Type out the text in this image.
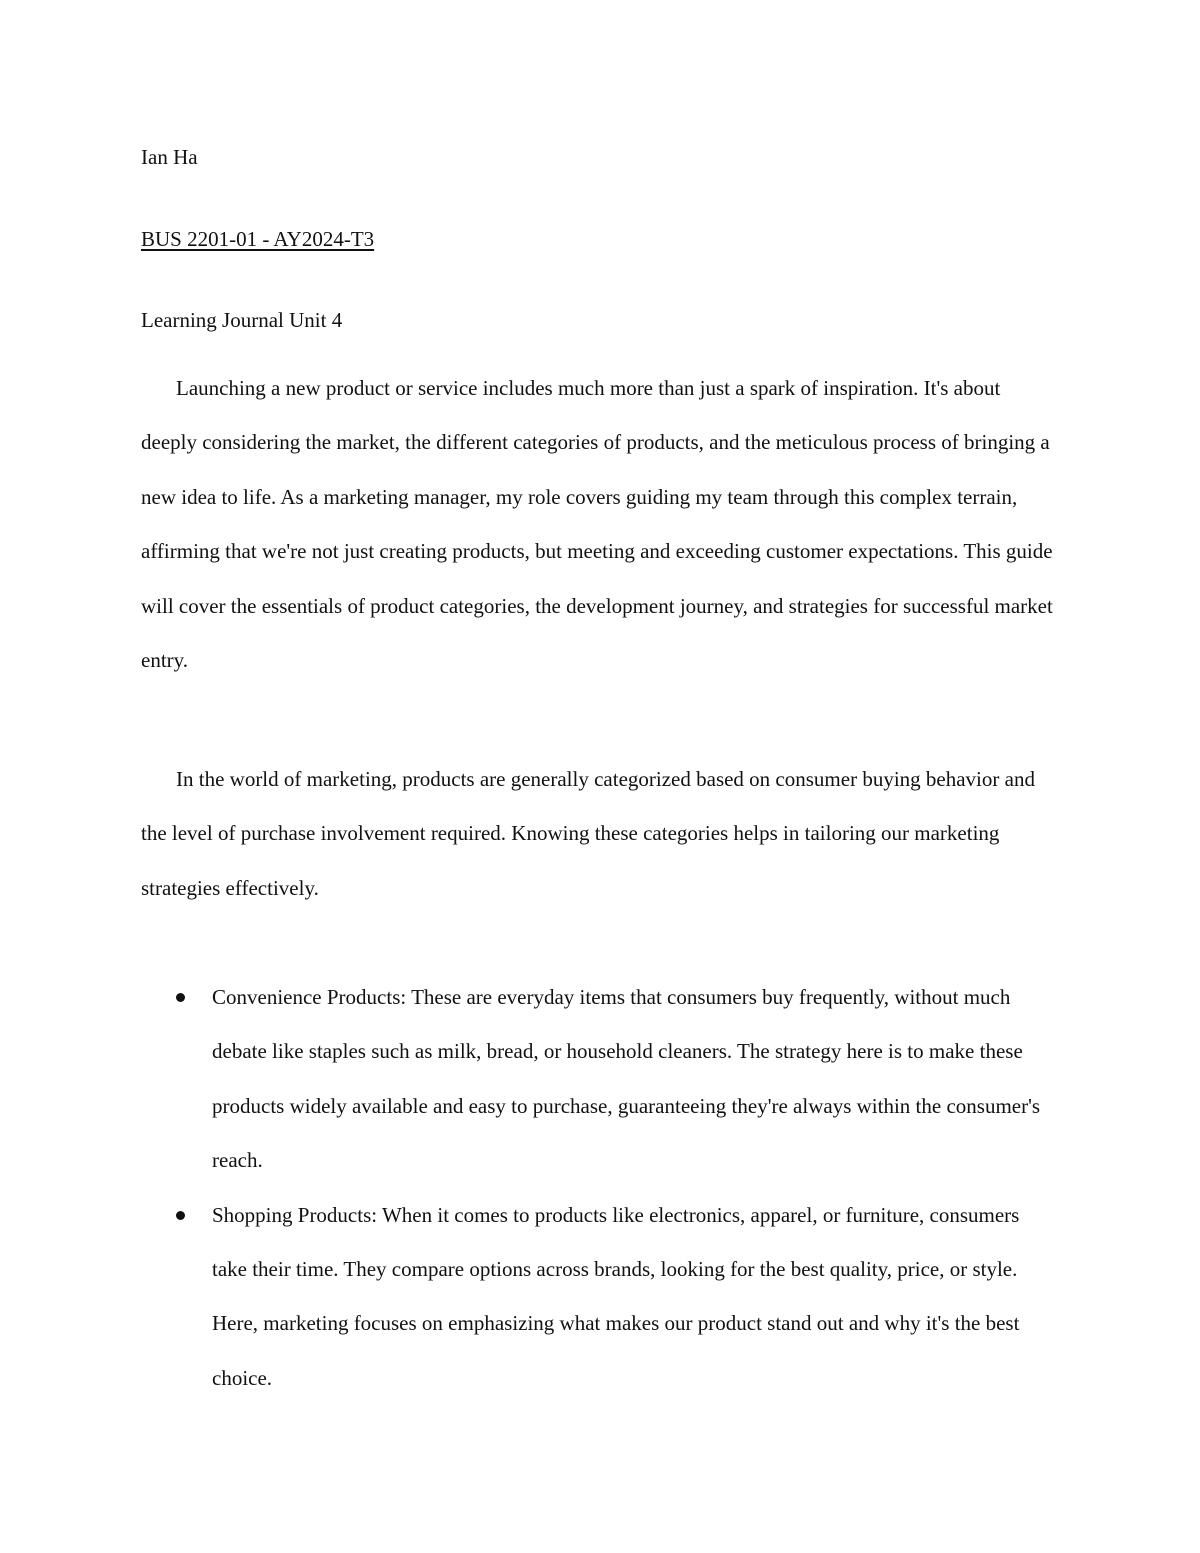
Ian Ha
BUS 2201-01 - AY2024-T3
Learning Journal Unit 4

Launching a new product or service includes much more than just a spark of inspiration. It's about deeply considering the market, the different categories of products, and the meticulous process of bringing a new idea to life. As a marketing manager, my role covers guiding my team through this complex terrain, affirming that we're not just creating products, but meeting and exceeding customer expectations. This guide will cover the essentials of product categories, the development journey, and strategies for successful market entry.

In the world of marketing, products are generally categorized based on consumer buying behavior and the level of purchase involvement required. Knowing these categories helps in tailoring our marketing strategies effectively.

Convenience Products: These are everyday items that consumers buy frequently, without much debate like staples such as milk, bread, or household cleaners. The strategy here is to make these products widely available and easy to purchase, guaranteeing they're always within the consumer's reach.
Shopping Products: When it comes to products like electronics, apparel, or furniture, consumers take their time. They compare options across brands, looking for the best quality, price, or style. Here, marketing focuses on emphasizing what makes our product stand out and why it's the best choice.
